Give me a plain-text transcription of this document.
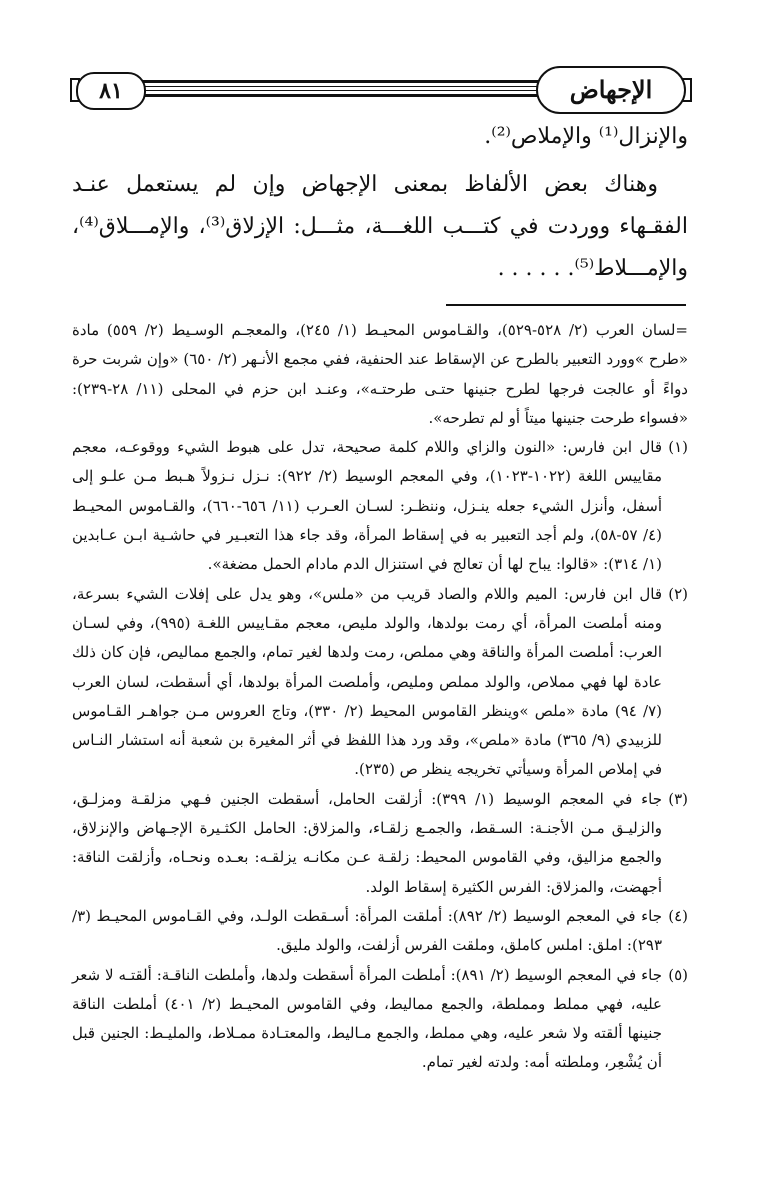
٨١	الإجهاض

والإنزال⁽¹⁾ والإملاص⁽²⁾.

وهناك بعض الألفاظ بمعنى الإجهاض وإن لم يستعمل عنـد الفقـهاء ووردت في كتـــب اللغـــة، مثـــل: الإزلاق⁽³⁾، والإمـــلاق⁽⁴⁾، والإمـــلاط⁽⁵⁾. . . . . .

=لسان العرب (٢/ ٥٢٨-٥٢٩)، والقـاموس المحيـط (١/ ٢٤٥)، والمعجـم الوسـيط (٢/ ٥٥٩) مادة «طرح »وورد التعبير بالطرح عن الإسقاط عند الحنفية، ففي مجمع الأنـهر (٢/ ٦٥٠) «وإن شربت حرة دواءً أو عالجت فرجها لطرح جنينها حتـى طرحتـه»، وعنـد ابن حزم في المحلى (١١/ ٢٨-٢٣٩): «فسواء طرحت جنينها ميتاً أو لم تطرحه».

(١)

قال ابن فارس: «النون والزاي واللام كلمة صحيحة، تدل على هبوط الشيء ووقوعـه، معجم مقاييس اللغة (١٠٢٢-١٠٢٣)، وفي المعجم الوسيط (٢/ ٩٢٢): نـزل نـزولاً هـبط مـن علـو إلى أسفل، وأنزل الشيء جعله ينـزل، وننظـر: لسـان العـرب (١١/ ٦٥٦-٦٦٠)، والقـاموس المحيـط (٤/ ٥٧-٥٨)، ولم أجد التعبير به في إسقاط المرأة، وقد جاء هذا التعبـير في حاشـية ابـن عـابدين (١/ ٣١٤): «قالوا: يباح لها أن تعالج في استنزال الدم مادام الحمل مضغة».

(٢)

قال ابن فارس: الميم واللام والصاد قريب من «ملس»، وهو يدل على إفلات الشيء بسرعة، ومنه أملصت المرأة، أي رمت بولدها، والولد مليص، معجم مقـاييس اللغـة (٩٩٥)، وفي لسـان العرب: أملصت المرأة والناقة وهي مملص، رمت ولدها لغير تمام، والجمع مماليص، فإن كان ذلك عادة لها فهي مملاص، والولد مملص ومليص، وأملصت المرأة بولدها، أي أسقطت، لسان العرب (٧/ ٩٤) مادة «ملص »وينظر القاموس المحيط (٢/ ٣٣٠)، وتاج العروس مـن جواهـر القـاموس للزبيدي (٩/ ٣٦٥) مادة «ملص»، وقد ورد هذا اللفظ في أثر المغيرة بن شعبة أنه استشار النـاس في إملاص المرأة وسيأتي تخريجه ينظر ص (٢٣٥).

(٣)

جاء في المعجم الوسيط (١/ ٣٩٩): أزلقت الحامل، أسقطت الجنين فـهي مزلقـة ومزلـق، والزليـق مـن الأجنـة: السـقط، والجمـع زلقـاء، والمزلاق: الحامل الكثـيرة الإجـهاض والإنزلاق، والجمع مزاليق، وفي القاموس المحيط: زلقـة عـن مكانـه يزلقـه: بعـده ونحـاه، وأزلقت الناقة: أجهضت، والمزلاق: الفرس الكثيرة إسقاط الولد.

(٤)

جاء في المعجم الوسيط (٢/ ٨٩٢): أملقت المرأة: أسـقطت الولـد، وفي القـاموس المحيـط (٣/ ٢٩٣): املق: املس كاملق، وملقت الفرس أزلفت، والولد مليق.

(٥)

جاء في المعجم الوسيط (٢/ ٨٩١): أملطت المرأة أسقطت ولدها، وأملطت الناقـة: ألقتـه لا شعر عليه، فهي مملط ومملطة، والجمع مماليط، وفي القاموس المحيـط (٢/ ٤٠١) أملطت الناقة جنينها ألقته ولا شعر عليه، وهي مملط، والجمع مـاليط، والمعتـادة ممـلاط، والمليـط: الجنين قبل أن يُشْعِر، وملطته أمه: ولدته لغير تمام.
